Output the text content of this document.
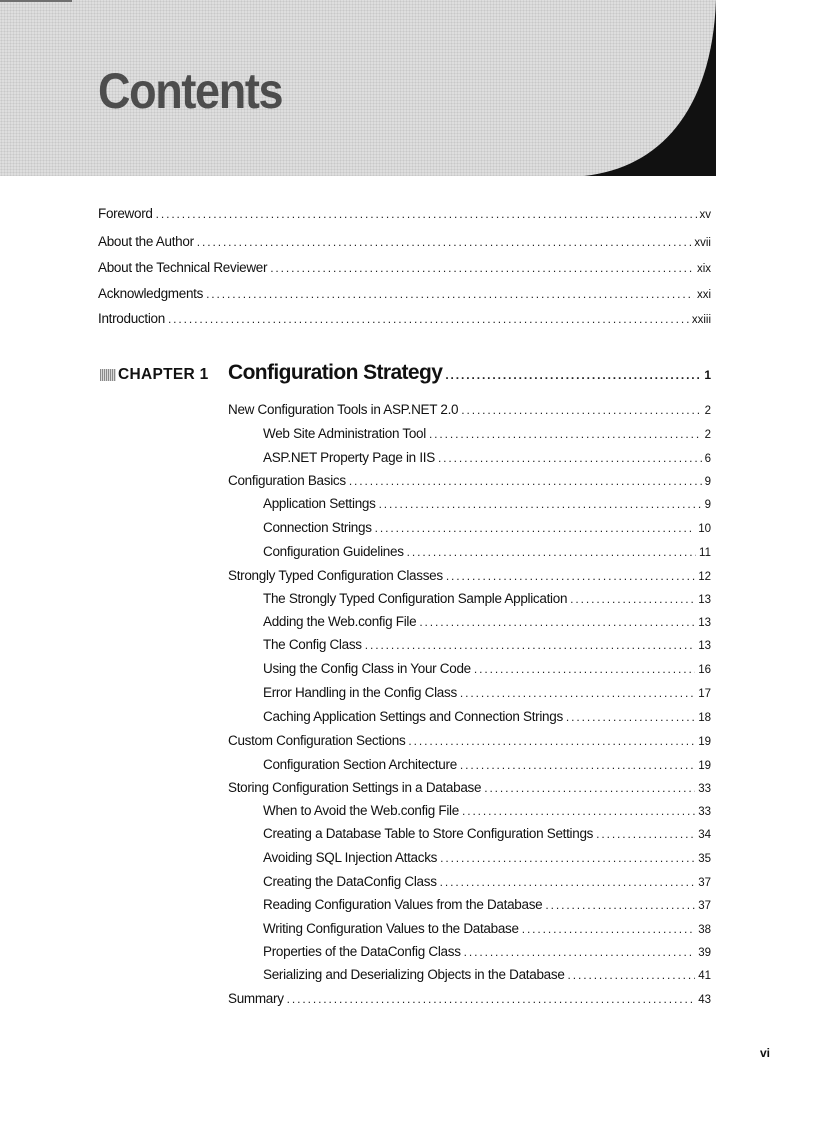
Contents
Foreword .....	xv
About the Author .....	xvii
About the Technical Reviewer .....	xix
Acknowledgments .....	xxi
Introduction .....	xxiii
CHAPTER 1 Configuration Strategy .....	1
New Configuration Tools in ASP.NET 2.0 .....	2
Web Site Administration Tool .....	2
ASP.NET Property Page in IIS .....	6
Configuration Basics .....	9
Application Settings .....	9
Connection Strings .....	10
Configuration Guidelines .....	11
Strongly Typed Configuration Classes .....	12
The Strongly Typed Configuration Sample Application .....	13
Adding the Web.config File .....	13
The Config Class .....	13
Using the Config Class in Your Code .....	16
Error Handling in the Config Class .....	17
Caching Application Settings and Connection Strings .....	18
Custom Configuration Sections .....	19
Configuration Section Architecture .....	19
Storing Configuration Settings in a Database .....	33
When to Avoid the Web.config File .....	33
Creating a Database Table to Store Configuration Settings .....	34
Avoiding SQL Injection Attacks .....	35
Creating the DataConfig Class .....	37
Reading Configuration Values from the Database .....	37
Writing Configuration Values to the Database .....	38
Properties of the DataConfig Class .....	39
Serializing and Deserializing Objects in the Database .....	41
Summary .....	43
vi
